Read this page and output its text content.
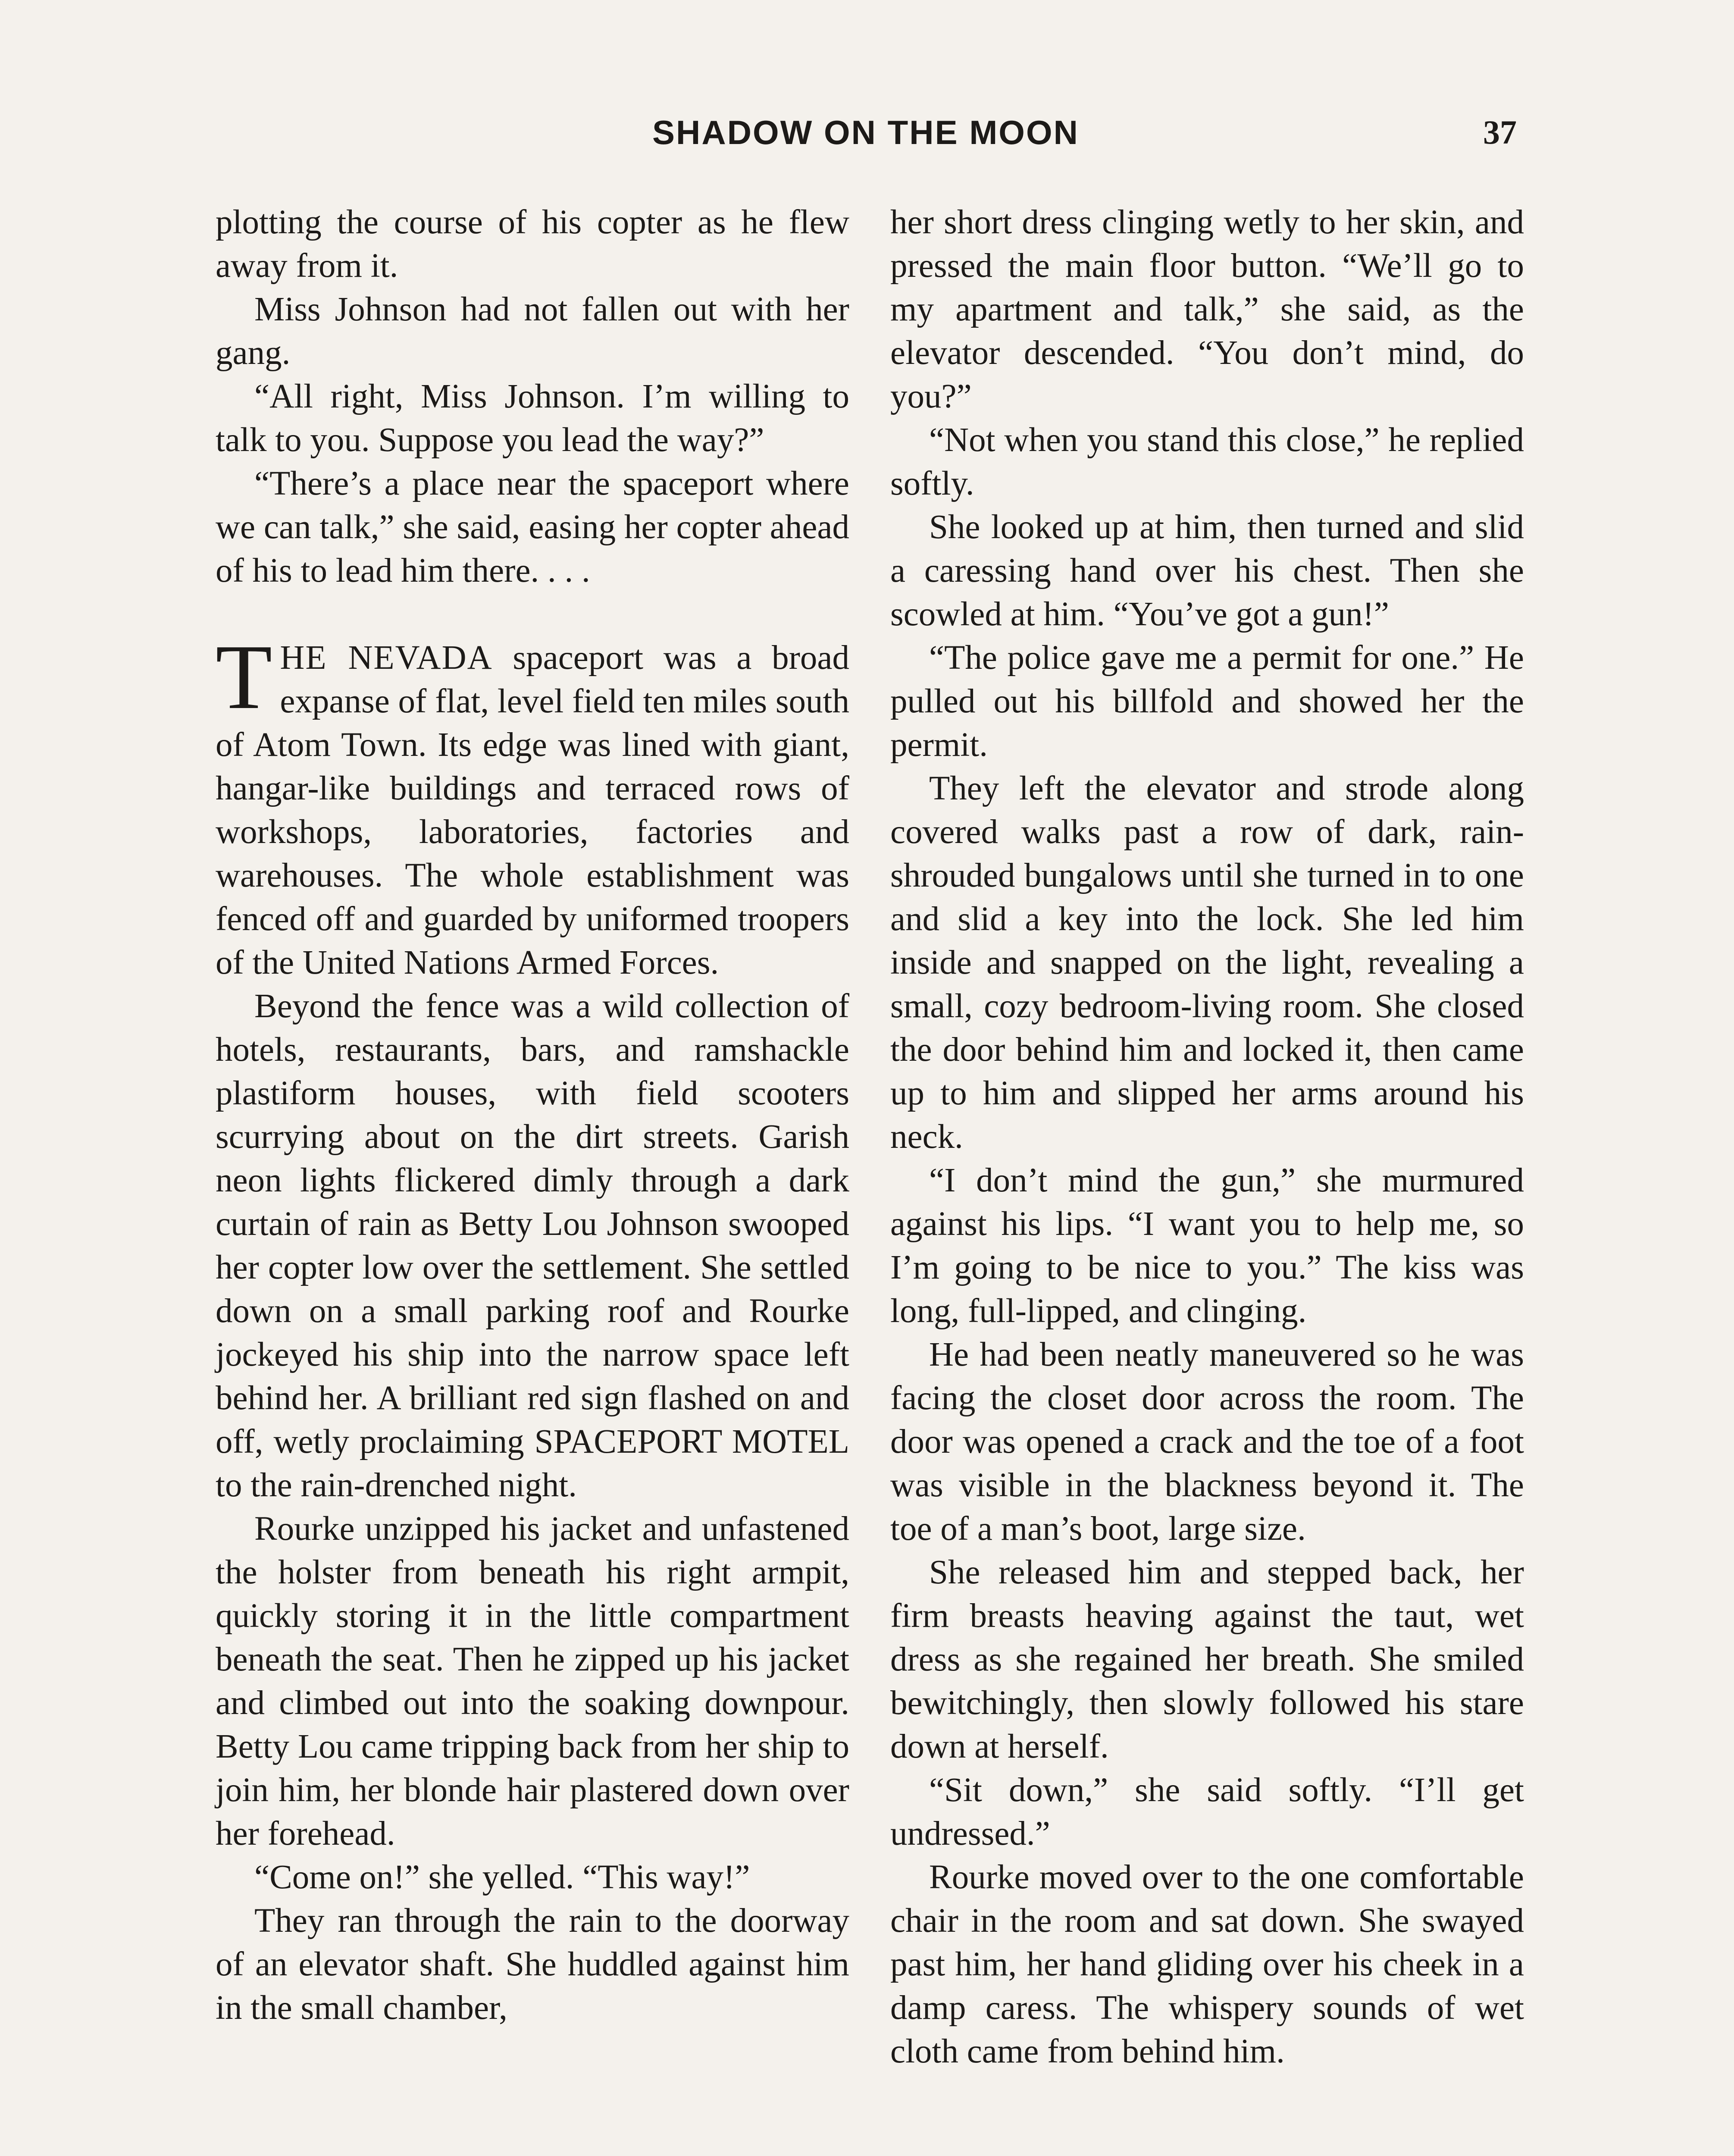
SHADOW ON THE MOON	37

plotting the course of his copter as he flew away from it.

Miss Johnson had not fallen out with her gang.

“All right, Miss Johnson. I’m willing to talk to you. Suppose you lead the way?”

“There’s a place near the spaceport where we can talk,” she said, easing her copter ahead of his to lead him there. . . .

THE NEVADA spaceport was a broad expanse of flat, level field ten miles south of Atom Town. Its edge was lined with giant, hangar-like buildings and terraced rows of workshops, laboratories, factories and warehouses. The whole establishment was fenced off and guarded by uniformed troopers of the United Nations Armed Forces.

Beyond the fence was a wild collection of hotels, restaurants, bars, and ramshackle plastiform houses, with field scooters scurrying about on the dirt streets. Garish neon lights flickered dimly through a dark curtain of rain as Betty Lou Johnson swooped her copter low over the settlement. She settled down on a small parking roof and Rourke jockeyed his ship into the narrow space left behind her. A brilliant red sign flashed on and off, wetly proclaiming SPACEPORT MOTEL to the rain-drenched night.

Rourke unzipped his jacket and unfastened the holster from beneath his right armpit, quickly storing it in the little compartment beneath the seat. Then he zipped up his jacket and climbed out into the soaking downpour. Betty Lou came tripping back from her ship to join him, her blonde hair plastered down over her forehead.

“Come on!” she yelled. “This way!”

They ran through the rain to the doorway of an elevator shaft. She huddled against him in the small chamber,

her short dress clinging wetly to her skin, and pressed the main floor button. “We’ll go to my apartment and talk,” she said, as the elevator descended. “You don’t mind, do you?”

“Not when you stand this close,” he replied softly.

She looked up at him, then turned and slid a caressing hand over his chest. Then she scowled at him. “You’ve got a gun!”

“The police gave me a permit for one.” He pulled out his billfold and showed her the permit.

They left the elevator and strode along covered walks past a row of dark, rain-shrouded bungalows until she turned in to one and slid a key into the lock. She led him inside and snapped on the light, revealing a small, cozy bedroom-living room. She closed the door behind him and locked it, then came up to him and slipped her arms around his neck.

“I don’t mind the gun,” she murmured against his lips. “I want you to help me, so I’m going to be nice to you.” The kiss was long, full-lipped, and clinging.

He had been neatly maneuvered so he was facing the closet door across the room. The door was opened a crack and the toe of a foot was visible in the blackness beyond it. The toe of a man’s boot, large size.

She released him and stepped back, her firm breasts heaving against the taut, wet dress as she regained her breath. She smiled bewitchingly, then slowly followed his stare down at herself.

“Sit down,” she said softly. “I’ll get undressed.”

Rourke moved over to the one comfortable chair in the room and sat down. She swayed past him, her hand gliding over his cheek in a damp caress. The whispery sounds of wet cloth came from behind him.
